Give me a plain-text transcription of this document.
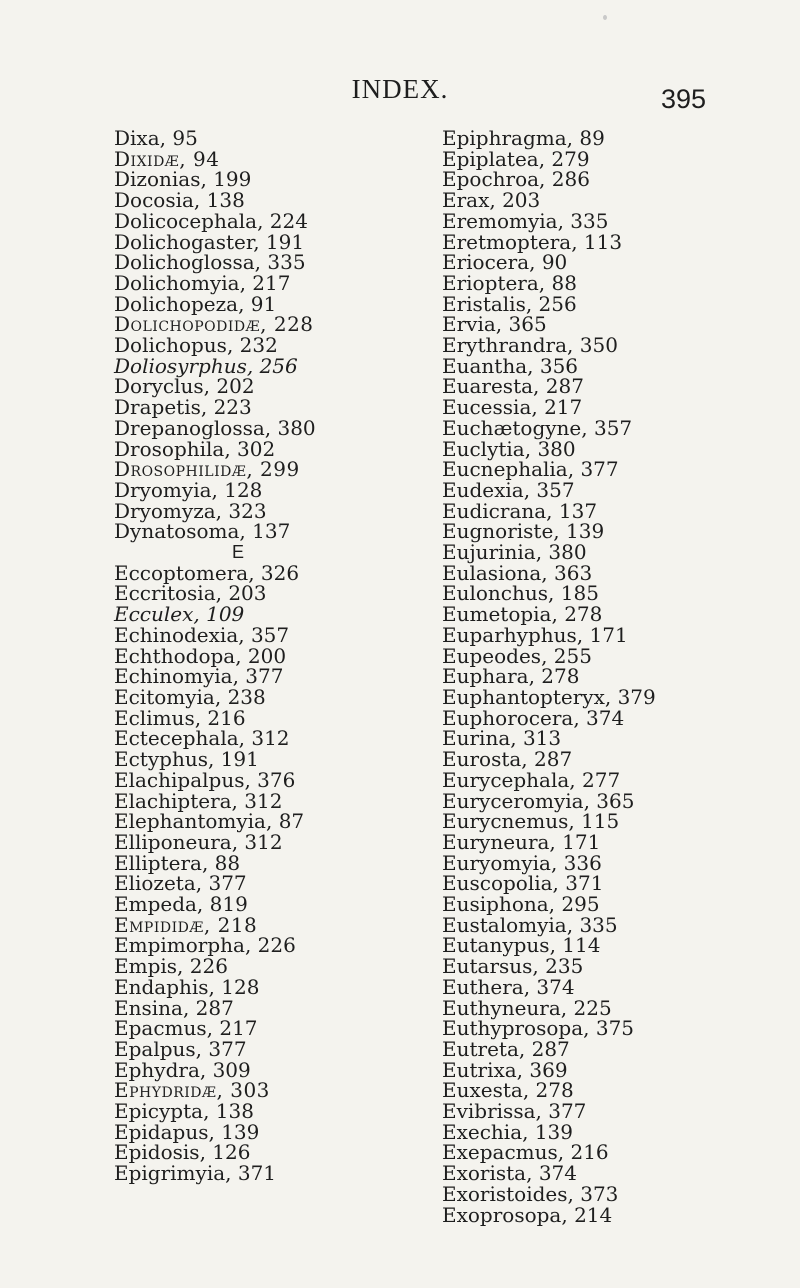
INDEX.	395
Dixa, 95
Dixidæ, 94
Dizonias, 199
Docosia, 138
Dolicocephala, 224
Dolichogaster, 191
Dolichoglossa, 335
Dolichomyia, 217
Dolichopeza, 91
Dolichopodidæ, 228
Dolichopus, 232
Doliosyrphus, 256
Doryclus, 202
Drapetis, 223
Drepanoglossa, 380
Drosophila, 302
Drosophilidæ, 299
Dryomyia, 128
Dryomyza, 323
Dynatosoma, 137
E
Eccoptomera, 326
Eccritosia, 203
Ecculex, 109
Echinodexia, 357
Echthodopa, 200
Echinomyia, 377
Ecitomyia, 238
Eclimus, 216
Ectecephala, 312
Ectyphus, 191
Elachipalpus, 376
Elachiptera, 312
Elephantomyia, 87
Elliponeura, 312
Elliptera, 88
Eliozeta, 377
Empeda, 819
Empididæ, 218
Empimorpha, 226
Empis, 226
Endaphis, 128
Ensina, 287
Epacmus, 217
Epalpus, 377
Ephydra, 309
Ephydridæ, 303
Epicypta, 138
Epidapus, 139
Epidosis, 126
Epigrimyia, 371
Epiphragma, 89
Epiplatea, 279
Epochroa, 286
Erax, 203
Eremomyia, 335
Eretmoptera, 113
Eriocera, 90
Erioptera, 88
Eristalis, 256
Ervia, 365
Erythrandra, 350
Euantha, 356
Euaresta, 287
Eucessia, 217
Euchætogyne, 357
Euclytia, 380
Eucnephalia, 377
Eudexia, 357
Eudicrana, 137
Eugnoriste, 139
Eujurinia, 380
Eulasiona, 363
Eulonchus, 185
Eumetopia, 278
Euparhyphus, 171
Eupeodes, 255
Euphara, 278
Euphantopteryx, 379
Euphorocera, 374
Eurina, 313
Eurosta, 287
Eurycephala, 277
Euryceromyia, 365
Eurycnemus, 115
Euryneura, 171
Euryomyia, 336
Euscopolia, 371
Eusiphona, 295
Eustalomyia, 335
Eutanypus, 114
Eutarsus, 235
Euthera, 374
Euthyneura, 225
Euthyprosopa, 375
Eutreta, 287
Eutrixa, 369
Euxesta, 278
Evibrissa, 377
Exechia, 139
Exepacmus, 216
Exorista, 374
Exoristoides, 373
Exoprosopa, 214
